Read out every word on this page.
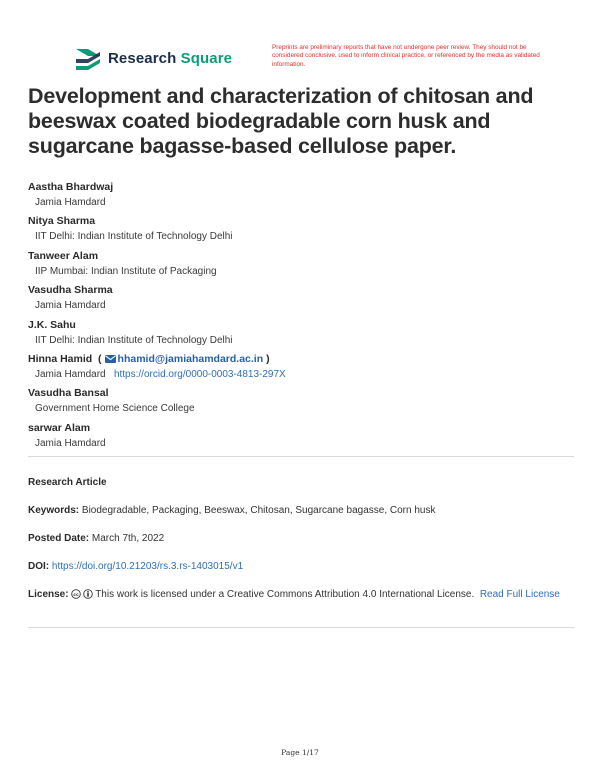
Research Square
Preprints are preliminary reports that have not undergone peer review. They should not be considered conclusive, used to inform clinical practice, or referenced by the media as validated information.
Development and characterization of chitosan and beeswax coated biodegradable corn husk and sugarcane bagasse-based cellulose paper.
Aastha Bhardwaj
Jamia Hamdard
Nitya Sharma
IIT Delhi: Indian Institute of Technology Delhi
Tanweer Alam
IIP Mumbai: Indian Institute of Packaging
Vasudha Sharma
Jamia Hamdard
J.K. Sahu
IIT Delhi: Indian Institute of Technology Delhi
Hinna Hamid  ( hhamid@jamiahamdard.ac.in )
Jamia Hamdard https://orcid.org/0000-0003-4813-297X
Vasudha Bansal
Government Home Science College
sarwar Alam
Jamia Hamdard
Research Article
Keywords: Biodegradable, Packaging, Beeswax, Chitosan, Sugarcane bagasse, Corn husk
Posted Date: March 7th, 2022
DOI: https://doi.org/10.21203/rs.3.rs-1403015/v1
License: cc This work is licensed under a Creative Commons Attribution 4.0 International License. Read Full License
Page 1/17
